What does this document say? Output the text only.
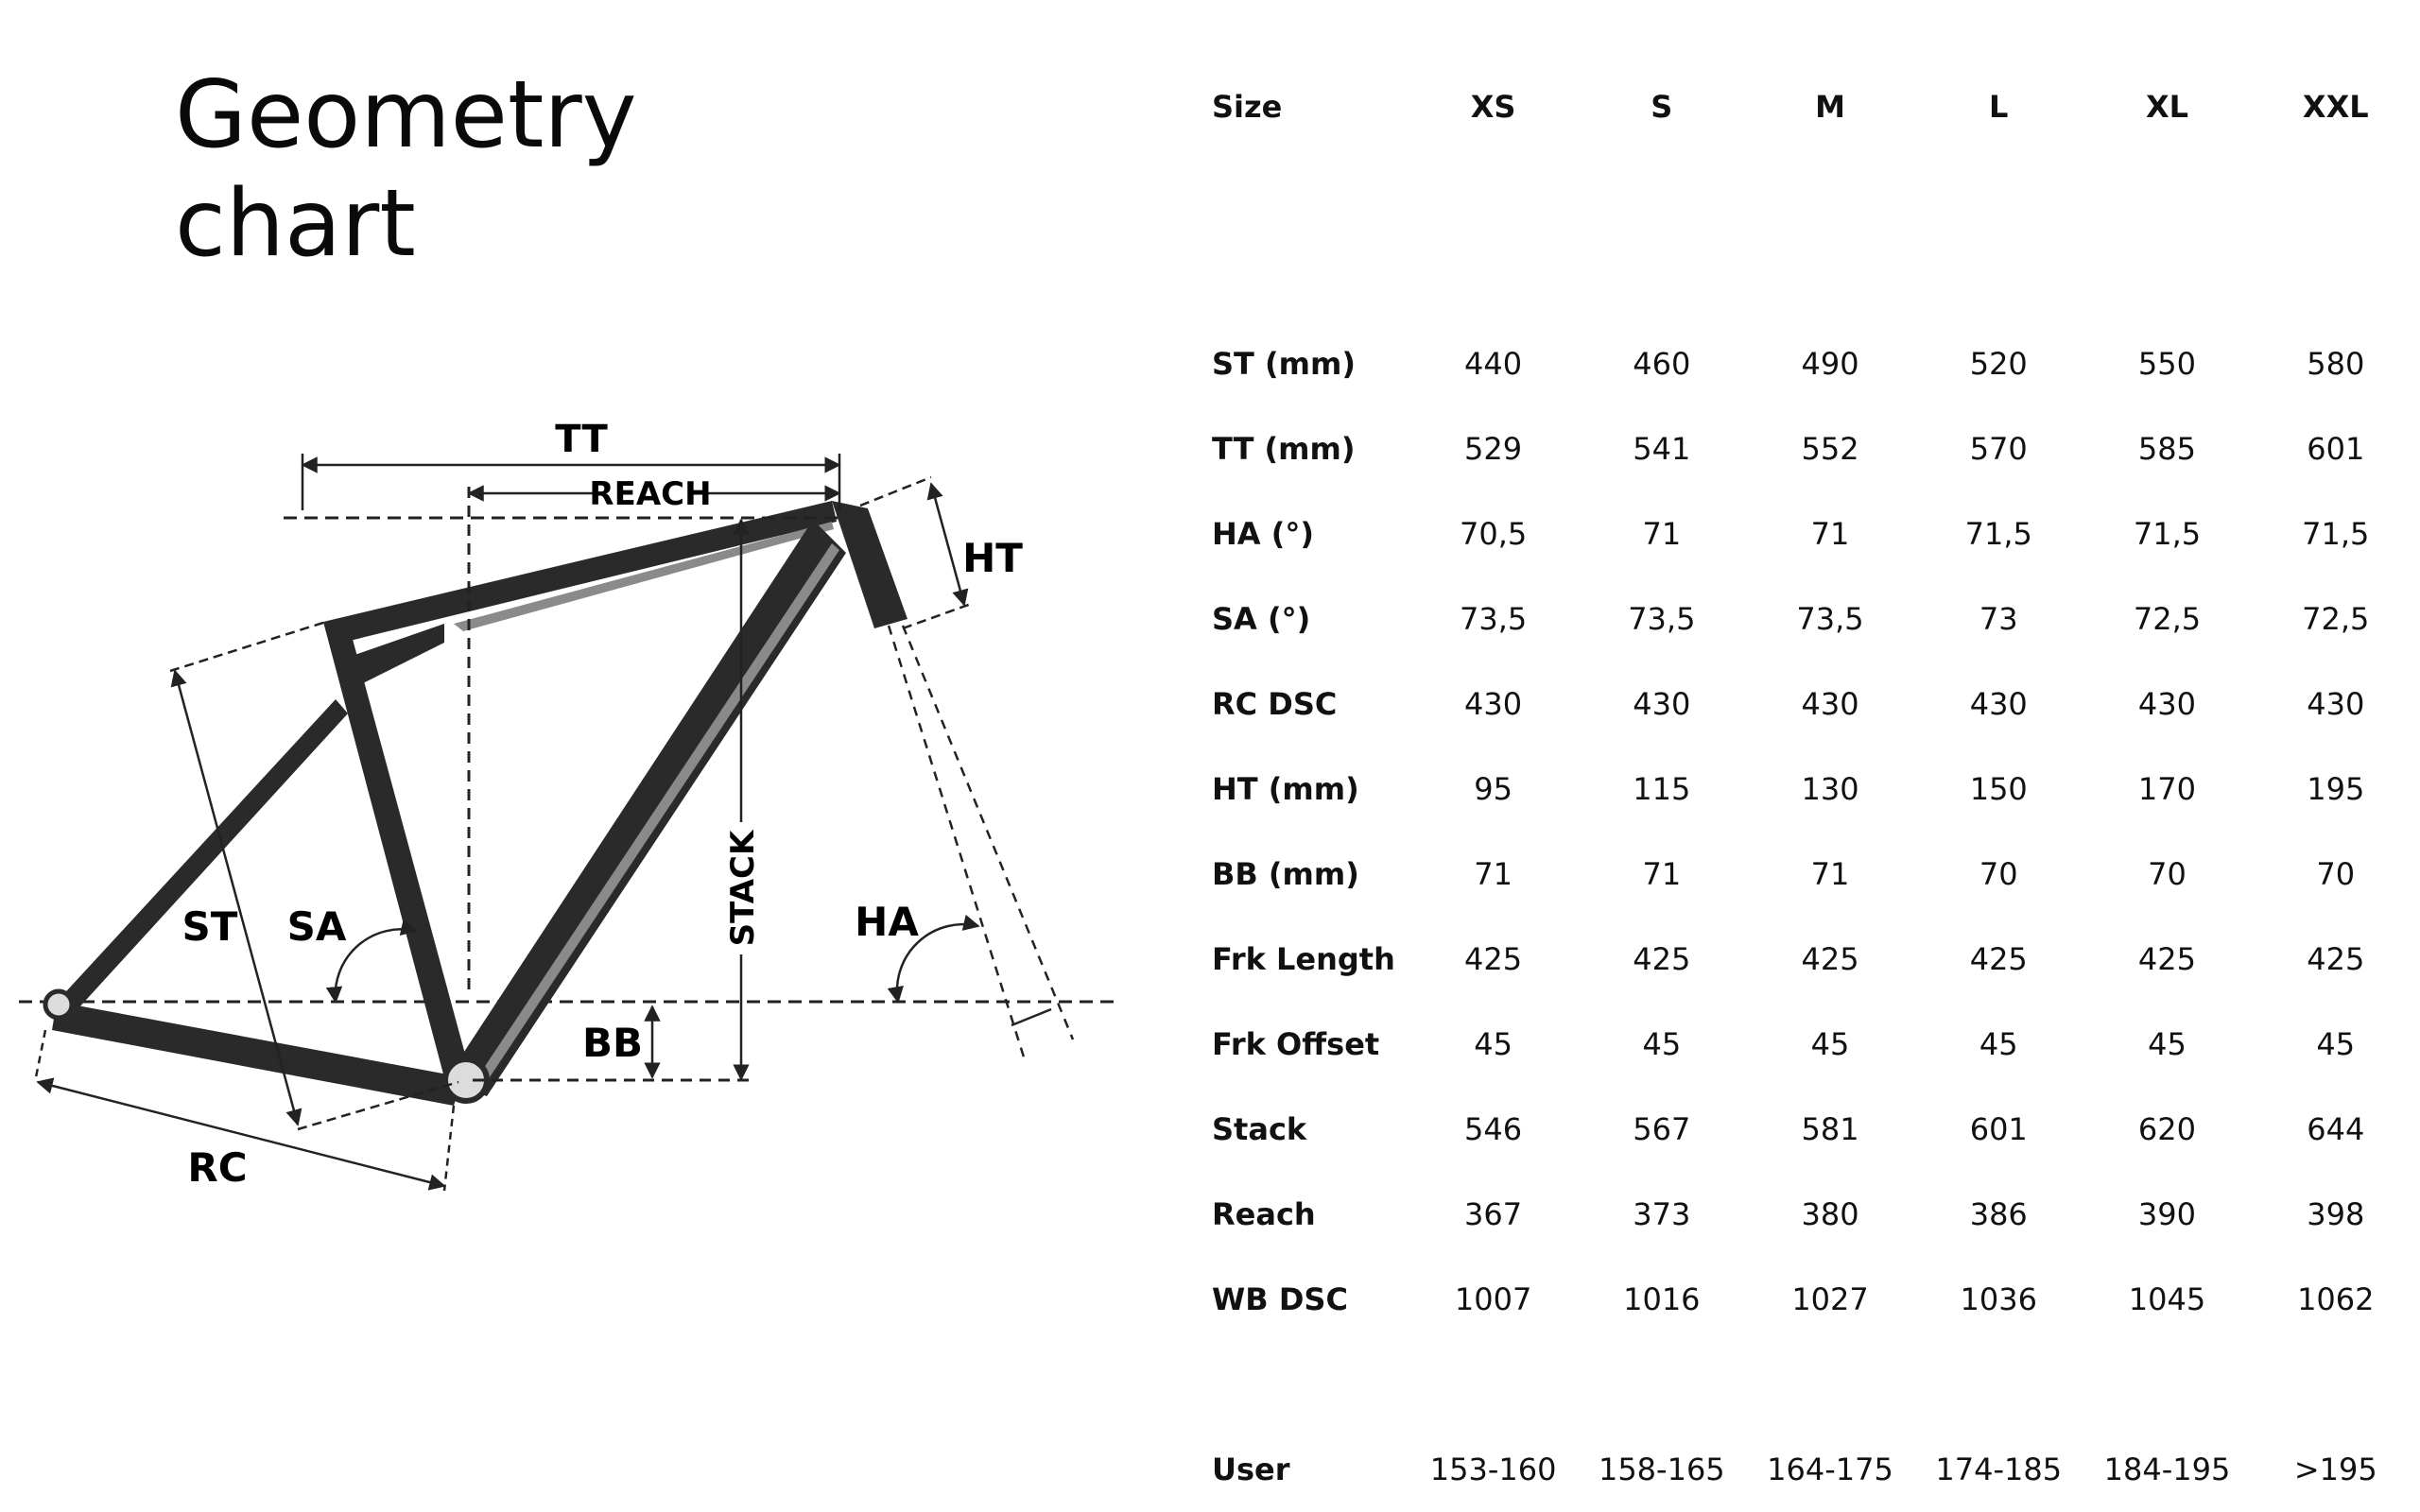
Geometry
chart
TT
REACH
STACK
HT
HA
SA
ST
BB
RC
Size	XS	S	M	L	XL	XXL
ST (mm)	440	460	490	520	550	580
TT (mm)	529	541	552	570	585	601
HA (°)	70,5	71	71	71,5	71,5	71,5
SA (°)	73,5	73,5	73,5	73	72,5	72,5
RC DSC	430	430	430	430	430	430
HT (mm)	95	115	130	150	170	195
BB (mm)	71	71	71	70	70	70
Frk Length	425	425	425	425	425	425
Frk Offset	45	45	45	45	45	45
Stack	546	567	581	601	620	644
Reach	367	373	380	386	390	398
WB DSC	1007	1016	1027	1036	1045	1062

User	153-160	158-165	164-175	174-185	184-195	>195
